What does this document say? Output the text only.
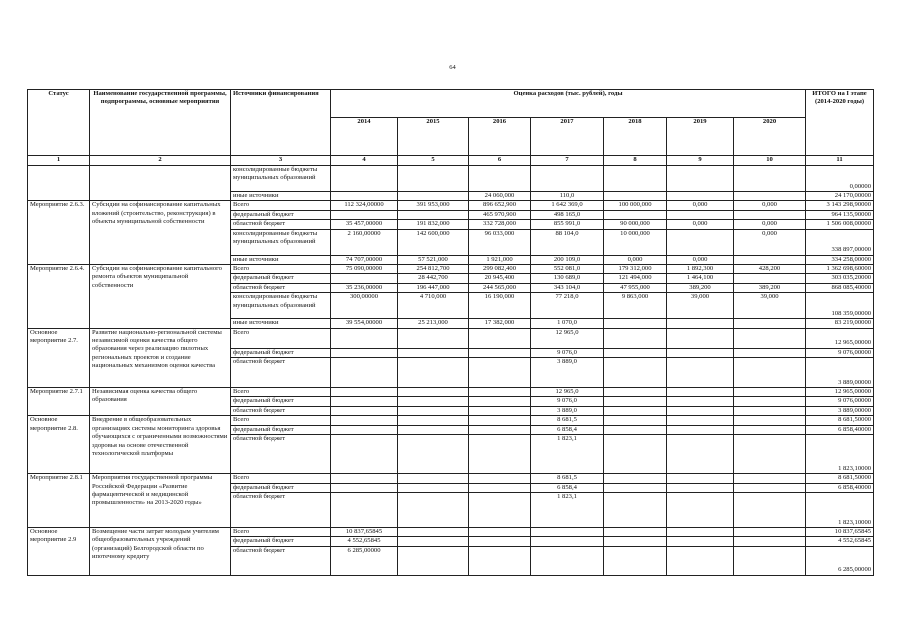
64
Статус	Наименование государственной программы, подпрограммы, основные мероприятия	Источники финансирования	Оценка расходов (тыс. рублей), годы							ИТОГО на I этапе (2014-2020 годы)
			2014	2015	2016	2017	2018	2019	2020	
1	2	3	4	5	6	7	8	9	10	11
		консолидированные бюджеты муниципальных образований								0,00000
		иные источники			24 060,000	110,0				24 170,00000
Мероприятие 2.6.3.	Субсидии на софинансирование капитальных вложений (строительство, реконструкция) в объекты муниципальной собственности	Всего	112 324,00000	391 953,000	896 652,900	1 642 369,0	100 000,000	0,000	0,000	3 143 298,90000
		федеральный бюджет			465 970,900	498 165,0				964 135,90000
		областной бюджет	35 457,00000	191 832,000	332 728,000	855 991,0	90 000,000	0,000	0,000	1 506 008,00000
		консолидированные бюджеты муниципальных образований	2 160,00000	142 600,000	96 033,000	88 104,0	10 000,000		0,000	338 897,00000
		иные источники	74 707,00000	57 521,000	1 921,000	200 109,0	0,000	0,000		334 258,00000
Мероприятие 2.6.4.	Субсидии на софинансирование капитального ремонта объектов муниципальной собственности	Всего	75 090,00000	254 812,700	299 082,400	552 081,0	179 312,000	1 892,300	428,200	1 362 698,60000
		федеральный бюджет		28 442,700	20 945,400	130 689,0	121 494,000	1 464,100		303 035,20000
		областной бюджет	35 236,00000	196 447,000	244 565,000	343 104,0	47 955,000	389,200	389,200	868 085,40000
		консолидированные бюджеты муниципальных образований	300,00000	4 710,000	16 190,000	77 218,0	9 863,000	39,000	39,000	108 359,00000
		иные источники	39 554,00000	25 213,000	17 382,000	1 070,0				83 219,00000
Основное мероприятие 2.7.	Развитие национально-региональной системы независимой оценки качества общего образования через реализацию пилотных региональных проектов и создание национальных механизмов оценки качества	Всего				12 965,0				12 965,00000
		федеральный бюджет				9 076,0				9 076,00000
		областной бюджет				3 889,0				3 889,00000
Мероприятие 2.7.1	Независимая оценка качества общего образования	Всего				12 965,0				12 965,00000
		федеральный бюджет				9 076,0				9 076,00000
		областной бюджет				3 889,0				3 889,00000
Основное мероприятие 2.8.	Внедрение в общеобразовательных организациях системы мониторинга здоровья обучающихся с ограниченными возможностями здоровья на основе отечественной технологической платформы	Всего				8 681,5				8 681,50000
		федеральный бюджет				6 858,4				6 858,40000
		областной бюджет				1 823,1				1 823,10000
Мероприятие 2.8.1	Мероприятия государственной программы Российской Федерации «Развитие фармацевтической и медицинской промышленности» на 2013-2020 годы»	Всего				8 681,5				8 681,50000
		федеральный бюджет				6 858,4				6 858,40000
		областной бюджет				1 823,1				1 823,10000
Основное мероприятие 2.9	Возмещение части затрат молодым учителям общеобразовательных учреждений (организаций) Белгородской области по ипотечному кредиту	Всего	10 837,65845							10 837,65845
		федеральный бюджет	4 552,65845							4 552,65845
		областной бюджет	6 285,00000							6 285,00000
